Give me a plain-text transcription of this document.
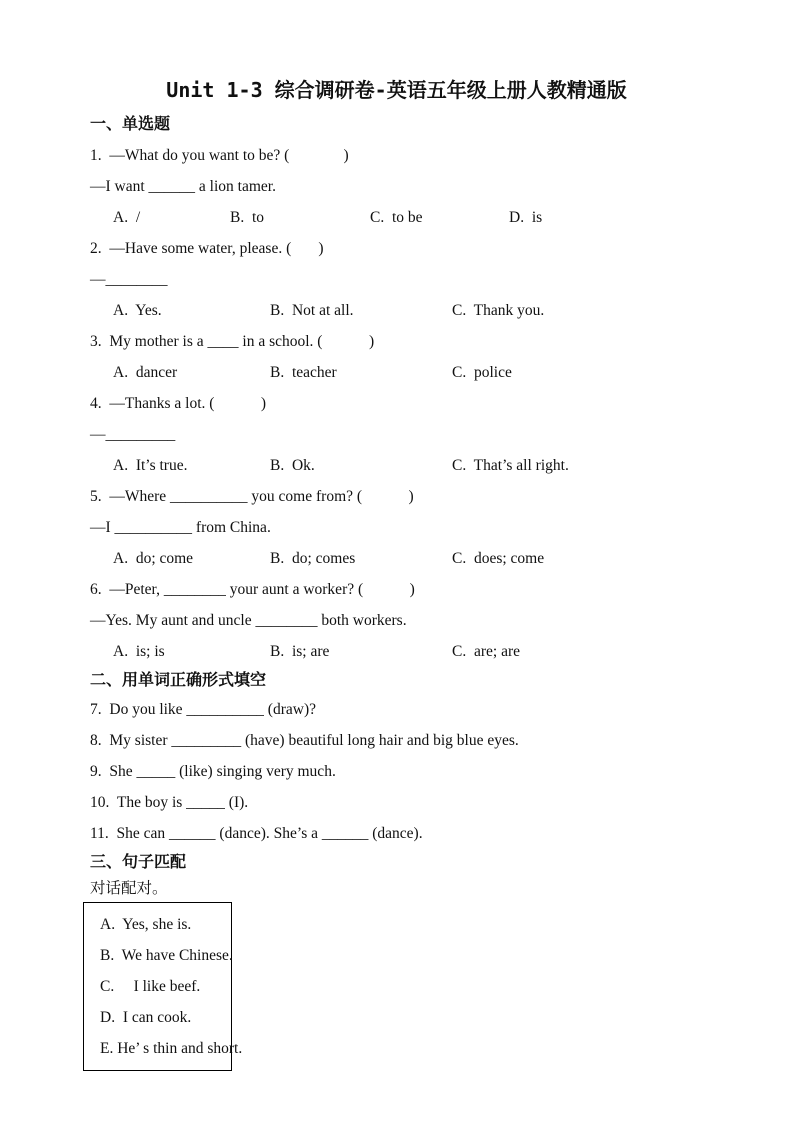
Unit 1-3 综合调研卷-英语五年级上册人教精通版
一、单选题
1.  —What do you want to be? (              )
—I want ______ a lion tamer.

A.  /

	B.  to

	C.  to be

	D.  is

2.  —Have some water, please. (       )
—________

A.  Yes.

	B.  Not at all.

	C.  Thank you.

3.  My mother is a ____ in a school. (            )

A.  dancer

	B.  teacher

	C.  police

4.  —Thanks a lot. (            )
—_________

A.  It’s true.

	B.  Ok.

	C.  That’s all right.

5.  —Where __________ you come from? (            )
—I __________ from China.

A.  do; come

	B.  do; comes

	C.  does; come

6.  —Peter, ________ your aunt a worker? (            )
—Yes. My aunt and uncle ________ both workers.

A.  is; is

	B.  is; are

	C.  are; are

二、用单词正确形式填空
7.  Do you like __________ (draw)?
8.  My sister _________ (have) beautiful long hair and big blue eyes.
9.  She _____ (like) singing very much.
10.  The boy is _____ (I).
11.  She can ______ (dance). She’s a ______ (dance).
三、句子匹配
对话配对。
A.  Yes, she is.
B.  We have Chinese.
C.     I like beef.
D.  I can cook.
E. He’ s thin and short.
